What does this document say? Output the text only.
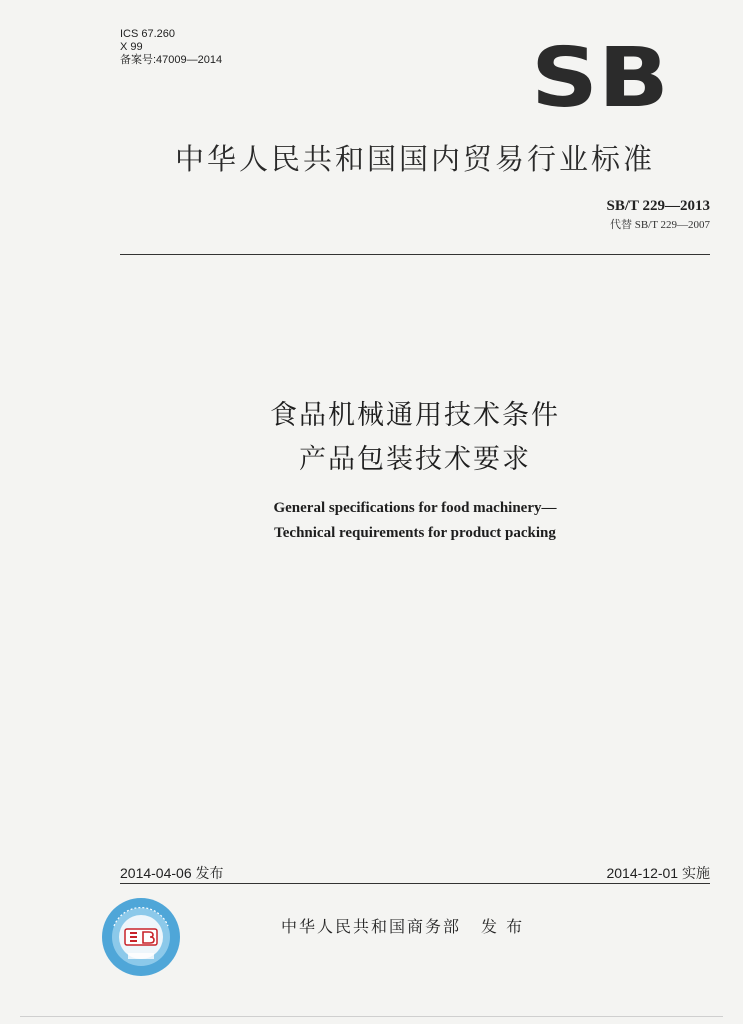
ICS 67.260
X 99
备案号:47009—2014	SB
中华人民共和国国内贸易行业标准
SB/T 229—2013
代替 SB/T 229—2007
食品机械通用技术条件
产品包装技术要求
General specifications for food machinery—
Technical requirements for product packing
2014-04-06 发布	2014-12-01 实施
中华人民共和国商务部 发 布
